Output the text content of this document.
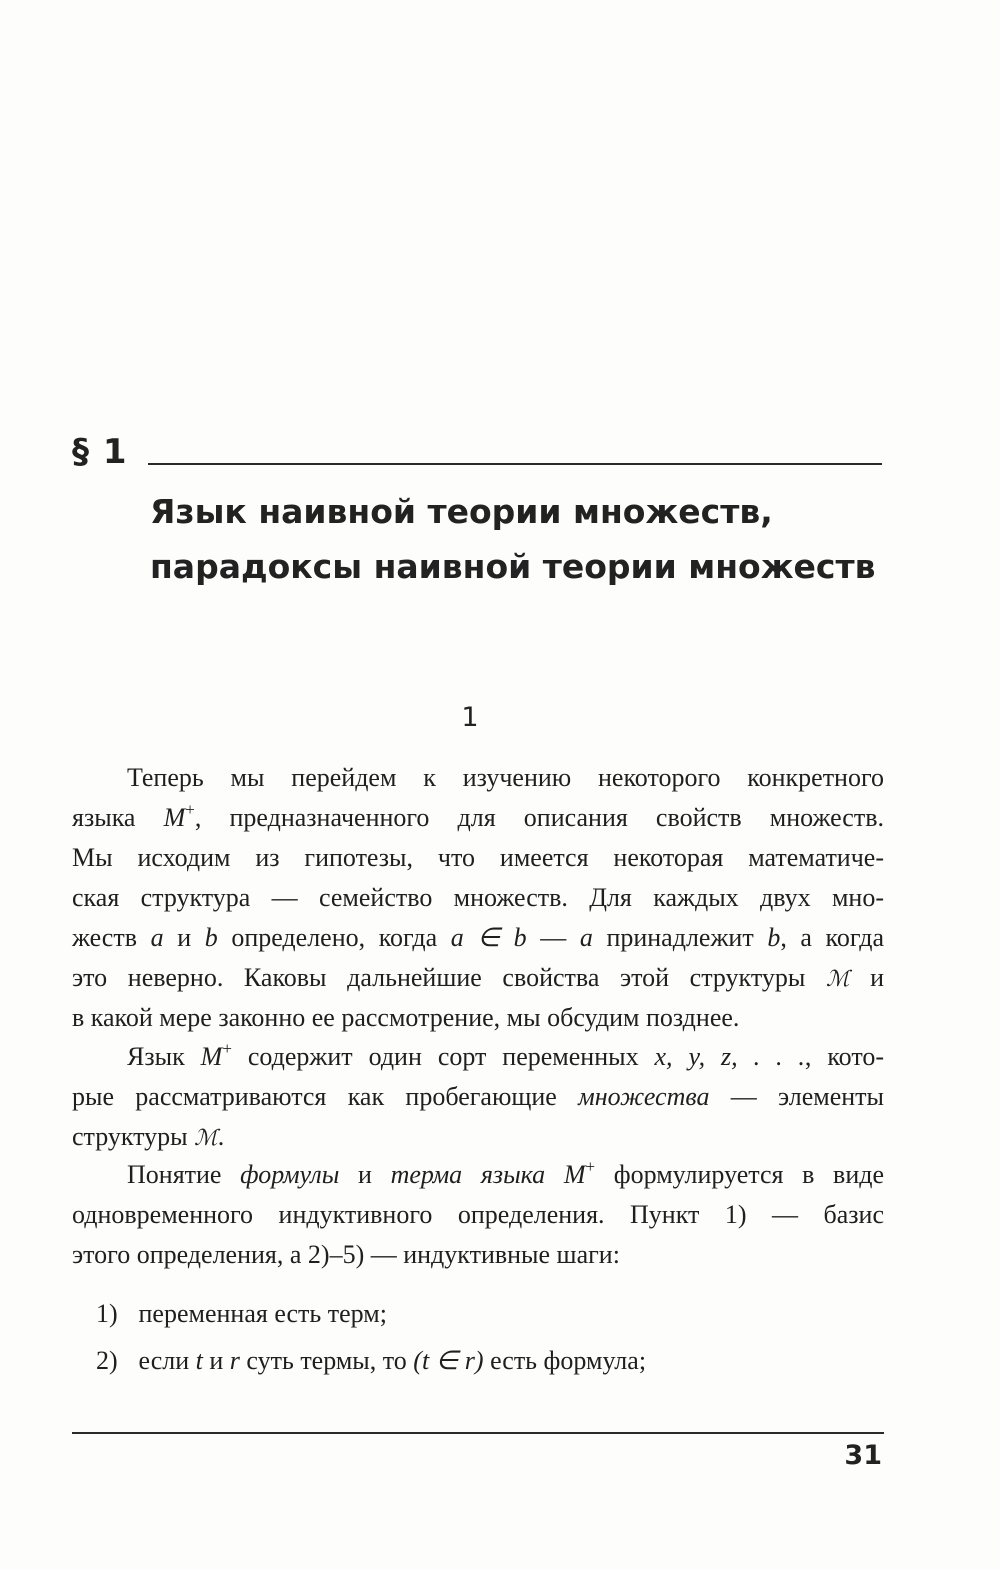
§ 1
Язык наивной теории множеств,
парадоксы наивной теории множеств
1
Теперь мы перейдем к изучению некоторого конкретного
языка M+, предназначенного для описания свойств множеств.
Мы исходим из гипотезы, что имеется некоторая математиче-
ская структура — семейство множеств. Для каждых двух мно-
жеств a и b определено, когда a ∈ b — a принадлежит b, а когда
это неверно. Каковы дальнейшие свойства этой структуры ℳ и
в какой мере законно ее рассмотрение, мы обсудим позднее.
Язык M+ содержит один сорт переменных x, y, z, . . ., кото-
рые рассматриваются как пробегающие множества — элементы
структуры ℳ.
Понятие формулы и терма языка M+ формулируется в виде
одновременного индуктивного определения. Пункт 1) — базис
этого определения, а 2)–5) — индуктивные шаги:
1) переменная есть терм;
2) если t и r суть термы, то (t ∈ r) есть формула;
31
